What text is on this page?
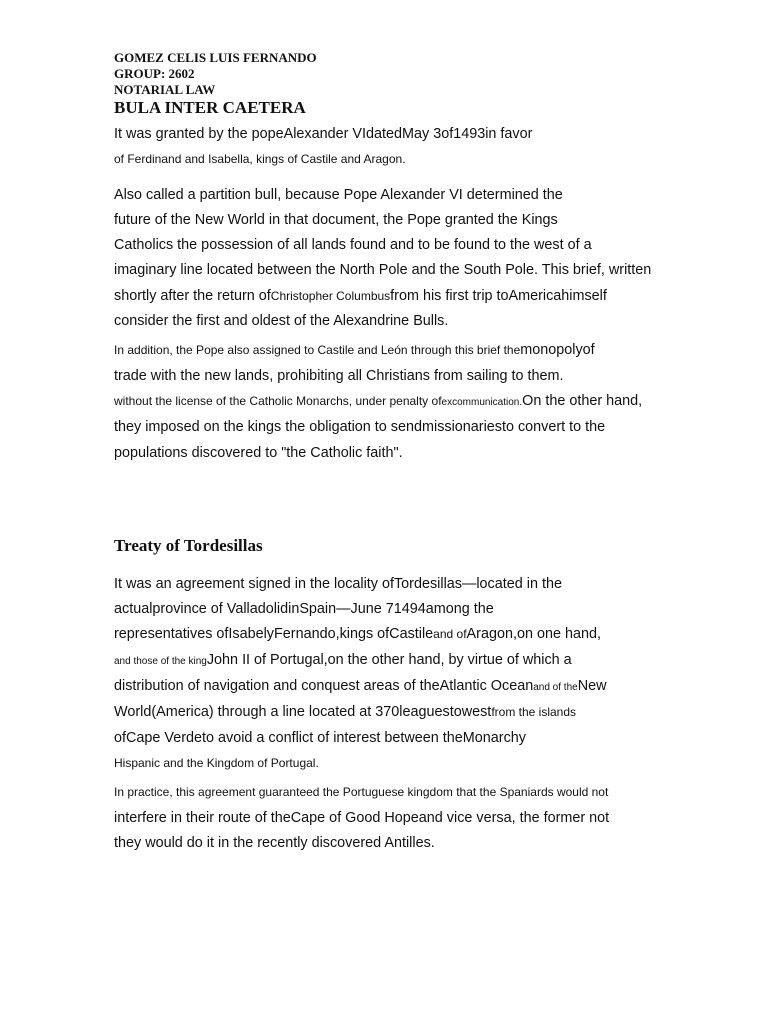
GOMEZ CELIS LUIS FERNANDO
GROUP: 2602
NOTARIAL LAW
BULA INTER CAETERA
It was granted by the popeAlexander VIdatedMay 3of1493in favor
of Ferdinand and Isabella, kings of Castile and Aragon.
Also called a partition bull, because Pope Alexander VI determined the
future of the New World in that document, the Pope granted the Kings
Catholics the possession of all lands found and to be found to the west of a
imaginary line located between the North Pole and the South Pole. This brief, written
shortly after the return ofChristopher Columbusfrom his first trip toAmericahimself
consider the first and oldest of the Alexandrine Bulls.
In addition, the Pope also assigned to Castile and León through this brief themonopolyof
trade with the new lands, prohibiting all Christians from sailing to them.
without the license of the Catholic Monarchs, under penalty ofexcommunication.On the other hand,
they imposed on the kings the obligation to sendmissionariesto convert to the
populations discovered to "the Catholic faith".
Treaty of Tordesillas
It was an agreement signed in the locality ofTordesillas—located in the
actualprovince of ValladolidinSpain—June 71494among the
representatives ofIsabelyFernando,kings ofCastileand ofAragon,on one hand,
and those of the kingJohn II of Portugal,on the other hand, by virtue of which a
distribution of navigation and conquest areas of theAtlantic Oceanand of theNew
World(America) through a line located at 370leaguestowestfrom the islands
ofCape Verdeto avoid a conflict of interest between theMonarchy
Hispanic and the Kingdom of Portugal.
In practice, this agreement guaranteed the Portuguese kingdom that the Spaniards would not
interfere in their route of theCape of Good Hopeand vice versa, the former not
they would do it in the recently discovered Antilles.
